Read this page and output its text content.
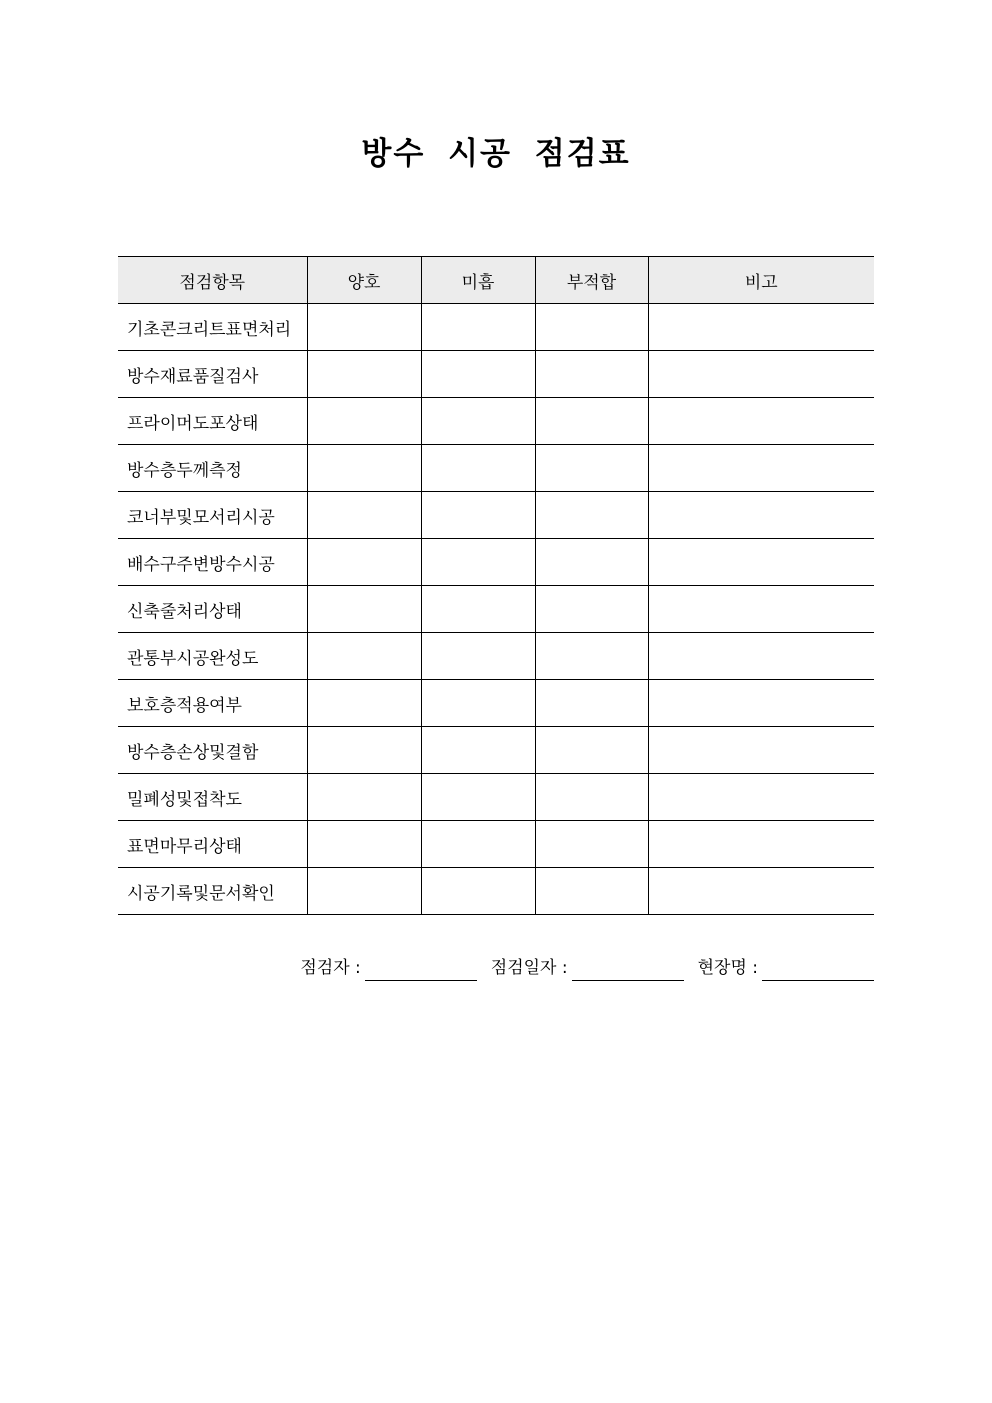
방수 시공 점검표
점검항목	양호	미흡	부적합	비고
기초콘크리트표면처리				
방수재료품질검사				
프라이머도포상태				
방수층두께측정				
코너부및모서리시공				
배수구주변방수시공				
신축줄처리상태				
관통부시공완성도				
보호층적용여부				
방수층손상및결함				
밀폐성및접착도				
표면마무리상태				
시공기록및문서확인				
점검자 :	점검일자 :	현장명 :
